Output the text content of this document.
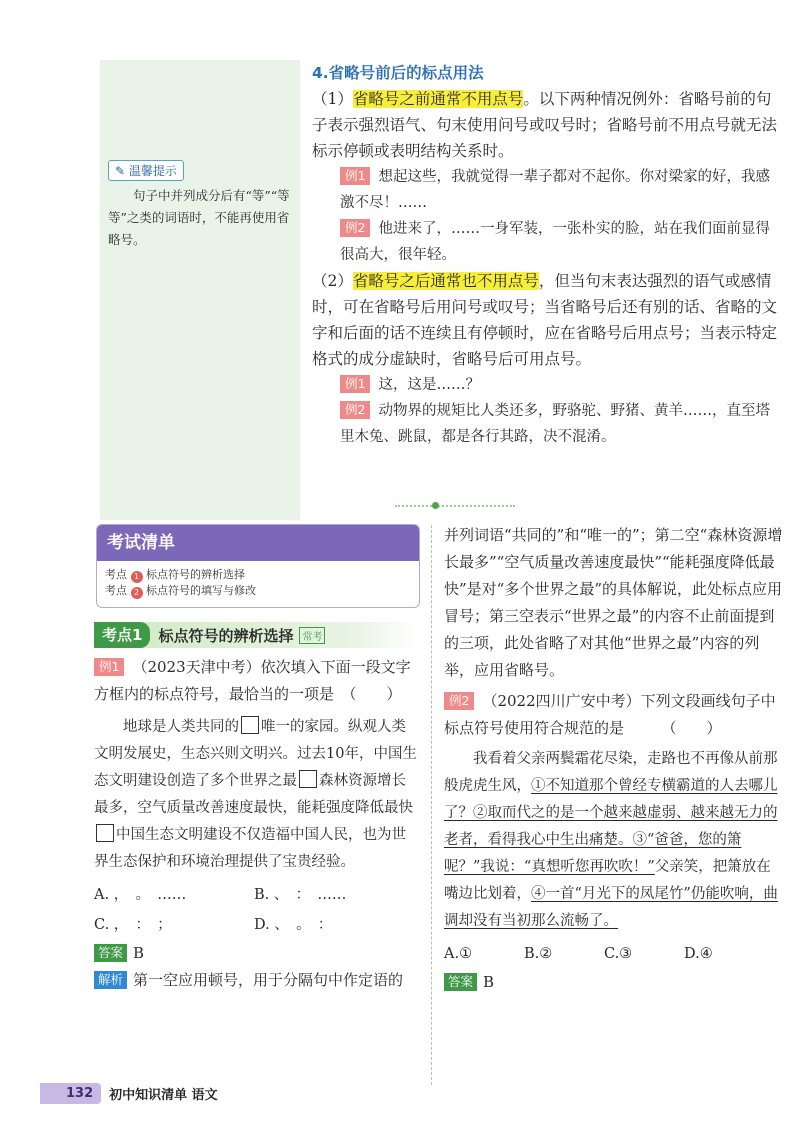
✎ 温馨提示

句子中并列成分后有“等”“等等”之类的词语时，不能再使用省略号。

4.省略号前后的标点用法

（1）省略号之前通常不用点号。以下两种情况例外：省略号前的句子表示强烈语气、句末使用问号或叹号时；省略号前不用点号就无法标示停顿或表明结构关系时。

例1 想起这些，我就觉得一辈子都对不起你。你对梁家的好，我感激不尽！……

例2 他进来了，……一身军装，一张朴实的脸，站在我们面前显得很高大，很年轻。

（2）省略号之后通常也不用点号，但当句末表达强烈的语气或感情时，可在省略号后用问号或叹号；当省略号后还有别的话、省略的文字和后面的话不连续且有停顿时，应在省略号后用点号；当表示特定格式的成分虚缺时，省略号后可用点号。

例1 这，这是……？

例2 动物界的规矩比人类还多，野骆驼、野猪、黄羊……，直至塔里木兔、跳鼠，都是各行其路，决不混淆。

考试清单
考点 1 标点符号的辨析选择
考点 2 标点符号的填写与修改
考点1	标点符号的辨析选择 常考

例1 （2023天津中考）依次填入下面一段文字方框内的标点符号，最恰当的一项是　（　　）

地球是人类共同的 唯一的家园。纵观人类文明发展史，生态兴则文明兴。过去10年，中国生态文明建设创造了多个世界之最 森林资源增长最多，空气质量改善速度最快，能耗强度降低最快中国生态文明建设不仅造福中国人民，也为世界生态保护和环境治理提供了宝贵经验。

A. ，　。　……	B. 、　：　……
C. ，　：　；	D. 、　。　：

答案 B

解析 第一空应用顿号，用于分隔句中作定语的

并列词语“共同的”和“唯一的”；第二空“森林资源增长最多”“空气质量改善速度最快”“能耗强度降低最快”是对“多个世界之最”的具体解说，此处标点应用冒号；第三空表示“世界之最”的内容不止前面提到的三项，此处省略了对其他“世界之最”内容的列举，应用省略号。

例2 （2022四川广安中考）下列文段画线句子中标点符号使用符合规范的是　　　（　　）

我看着父亲两鬓霜花尽染，走路也不再像从前那般虎虎生风，①不知道那个曾经专横霸道的人去哪儿了？②取而代之的是一个越来越虚弱、越来越无力的老者，看得我心中生出痛楚。③“爸爸，您的箫呢？”我说：“真想听您再吹吹！”父亲笑，把箫放在嘴边比划着，④一首“月光下的凤尾竹”仍能吹响，曲调却没有当初那么流畅了。

A.①	B.②	C.③	D.④

答案 B

132	初中知识清单 语文
